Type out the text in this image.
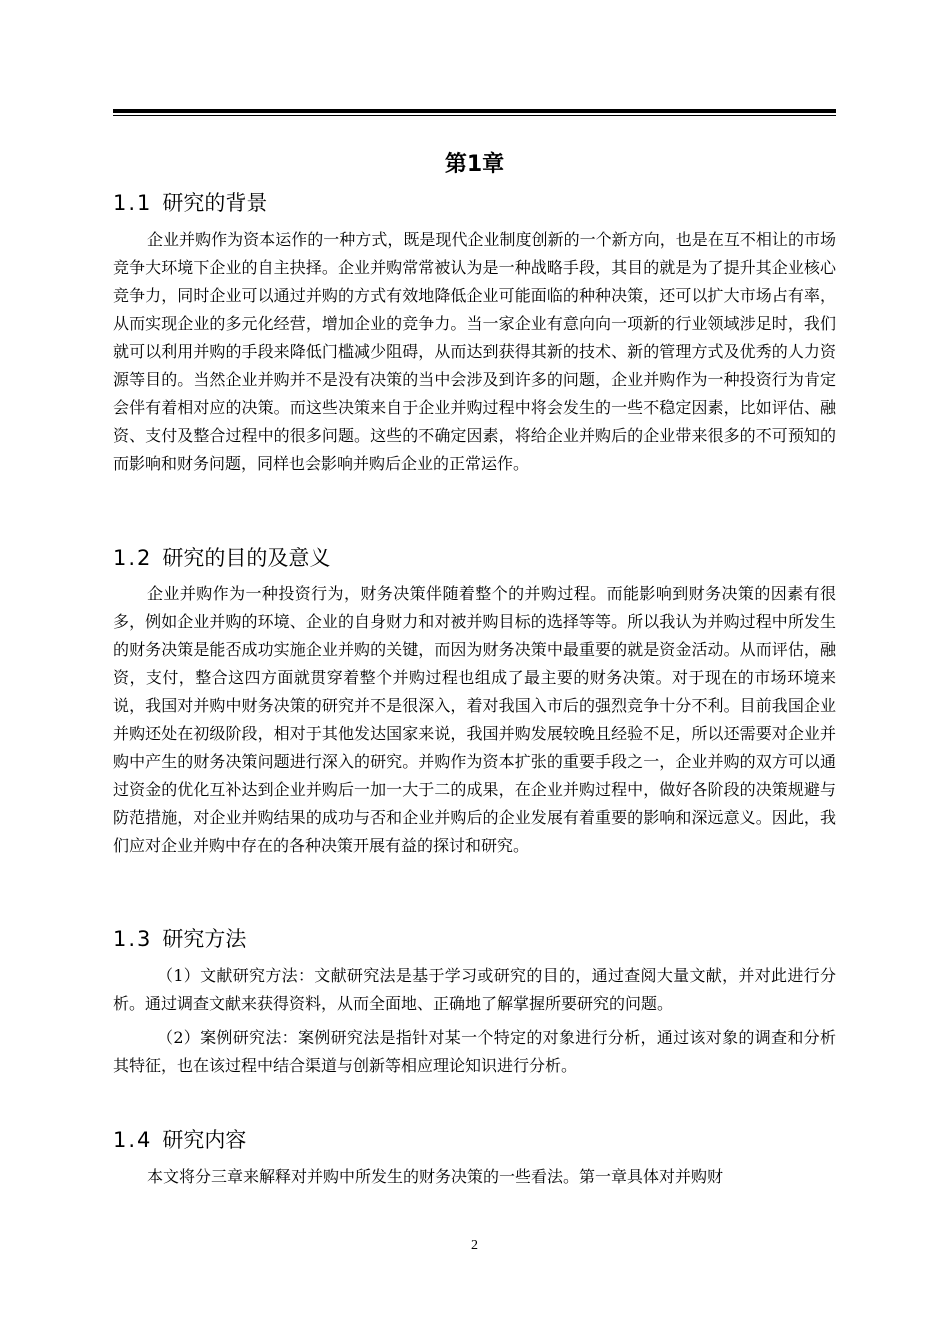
第1章
1.1 研究的背景

企业并购作为资本运作的一种方式，既是现代企业制度创新的一个新方向，也是在互不相让的市场竞争大环境下企业的自主抉择。企业并购常常被认为是一种战略手段，其目的就是为了提升其企业核心竞争力，同时企业可以通过并购的方式有效地降低企业可能面临的种种决策，还可以扩大市场占有率，从而实现企业的多元化经营，增加企业的竞争力。当一家企业有意向向一项新的行业领域涉足时，我们就可以利用并购的手段来降低门槛减少阻碍，从而达到获得其新的技术、新的管理方式及优秀的人力资源等目的。当然企业并购并不是没有决策的当中会涉及到许多的问题，企业并购作为一种投资行为肯定会伴有着相对应的决策。而这些决策来自于企业并购过程中将会发生的一些不稳定因素，比如评估、融资、支付及整合过程中的很多问题。这些的不确定因素，将给企业并购后的企业带来很多的不可预知的而影响和财务问题，同样也会影响并购后企业的正常运作。

1.2 研究的目的及意义

企业并购作为一种投资行为，财务决策伴随着整个的并购过程。而能影响到财务决策的因素有很多，例如企业并购的环境、企业的自身财力和对被并购目标的选择等等。所以我认为并购过程中所发生的财务决策是能否成功实施企业并购的关键，而因为财务决策中最重要的就是资金活动。从而评估，融资，支付，整合这四方面就贯穿着整个并购过程也组成了最主要的财务决策。对于现在的市场环境来说，我国对并购中财务决策的研究并不是很深入，着对我国入市后的强烈竞争十分不利。目前我国企业并购还处在初级阶段，相对于其他发达国家来说，我国并购发展较晚且经验不足，所以还需要对企业并购中产生的财务决策问题进行深入的研究。并购作为资本扩张的重要手段之一，企业并购的双方可以通过资金的优化互补达到企业并购后一加一大于二的成果，在企业并购过程中，做好各阶段的决策规避与防范措施，对企业并购结果的成功与否和企业并购后的企业发展有着重要的影响和深远意义。因此，我们应对企业并购中存在的各种决策开展有益的探讨和研究。

1.3 研究方法

（1）文献研究方法：文献研究法是基于学习或研究的目的，通过查阅大量文献，并对此进行分析。通过调查文献来获得资料，从而全面地、正确地了解掌握所要研究的问题。

（2）案例研究法：案例研究法是指针对某一个特定的对象进行分析，通过该对象的调查和分析其特征，也在该过程中结合渠道与创新等相应理论知识进行分析。

1.4 研究内容

本文将分三章来解释对并购中所发生的财务决策的一些看法。第一章具体对并购财

2
